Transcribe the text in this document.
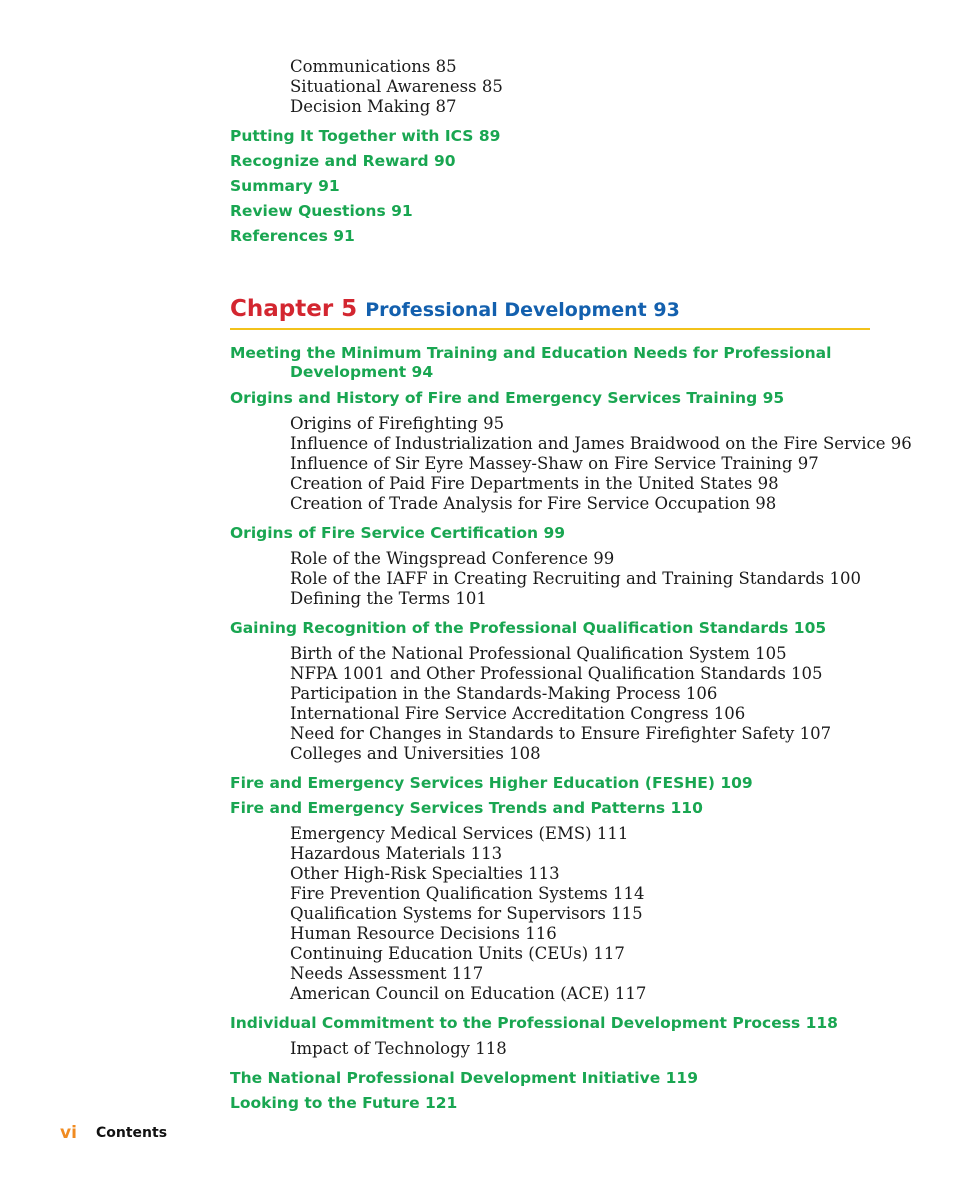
Communications 85
Situational Awareness 85
Decision Making 87
Putting It Together with ICS 89
Recognize and Reward 90
Summary 91
Review Questions 91
References 91
Chapter 5 Professional Development 93
Meeting the Minimum Training and Education Needs for Professional
Development 94
Origins and History of Fire and Emergency Services Training 95
Origins of Firefighting 95
Influence of Industrialization and James Braidwood on the Fire Service 96
Influence of Sir Eyre Massey-Shaw on Fire Service Training 97
Creation of Paid Fire Departments in the United States 98
Creation of Trade Analysis for Fire Service Occupation 98
Origins of Fire Service Certification 99
Role of the Wingspread Conference 99
Role of the IAFF in Creating Recruiting and Training Standards 100
Defining the Terms 101
Gaining Recognition of the Professional Qualification Standards 105
Birth of the National Professional Qualification System 105
NFPA 1001 and Other Professional Qualification Standards 105
Participation in the Standards-Making Process 106
International Fire Service Accreditation Congress 106
Need for Changes in Standards to Ensure Firefighter Safety 107
Colleges and Universities 108
Fire and Emergency Services Higher Education (FESHE) 109
Fire and Emergency Services Trends and Patterns 110
Emergency Medical Services (EMS) 111
Hazardous Materials 113
Other High-Risk Specialties 113
Fire Prevention Qualification Systems 114
Qualification Systems for Supervisors 115
Human Resource Decisions 116
Continuing Education Units (CEUs) 117
Needs Assessment 117
American Council on Education (ACE) 117
Individual Commitment to the Professional Development Process 118
Impact of Technology 118
The National Professional Development Initiative 119
Looking to the Future 121
vi Contents
